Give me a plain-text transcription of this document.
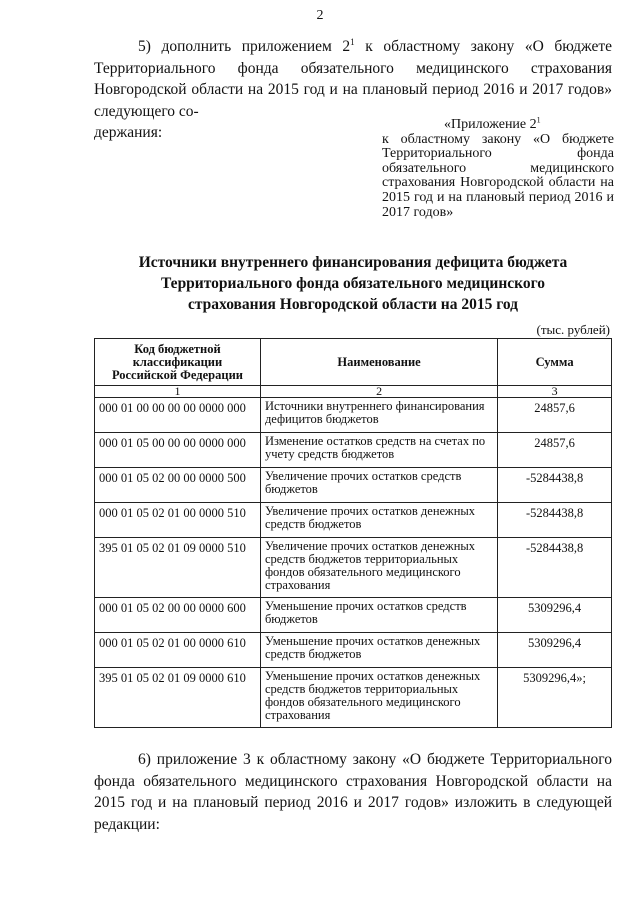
2

5) дополнить приложением $2^1$ к областному закону «О бюджете Территориального фонда обязательного медицинского страхования Новгородской области на 2015 год и на плановый период 2016 и 2017 годов» следующего со-
держания:	«Приложение $2^1$
к областному закону «О бюджете Территориального фонда обязательного медицинского страхования Новгородской области на 2015 год и на плановый период 2016 и 2017 годов»
Источники внутреннего финансирования дефицита бюджета
Территориального фонда обязательного медицинского
страхования Новгородской области на 2015 год
(тыс. рублей)
Код бюджетной
классификации
Российской Федерации	Наименование	Сумма
1	2	3
000 01 00 00 00 00 0000 000	Источники внутреннего финансирования дефицитов бюджетов	24857,6
000 01 05 00 00 00 0000 000	Изменение остатков средств на счетах по учету средств бюджетов	24857,6
000 01 05 02 00 00 0000 500	Увеличение прочих остатков средств бюджетов	-5284438,8
000 01 05 02 01 00 0000 510	Увеличение прочих остатков денежных средств бюджетов	-5284438,8
395 01 05 02 01 09 0000 510	Увеличение прочих остатков денежных средств бюджетов территориальных фондов обязательного медицинского страхования	-5284438,8
000 01 05 02 00 00 0000 600	Уменьшение прочих остатков средств бюджетов	5309296,4
000 01 05 02 01 00 0000 610	Уменьшение прочих остатков денежных средств бюджетов	5309296,4
395 01 05 02 01 09 0000 610	Уменьшение прочих остатков денежных средств бюджетов территориальных фондов обязательного медицинского страхования	5309296,4»;

6) приложение 3 к областному закону «О бюджете Территориального фонда обязательного медицинского страхования Новгородской области на 2015 год и на плановый период 2016 и 2017 годов» изложить в следующей редакции:
